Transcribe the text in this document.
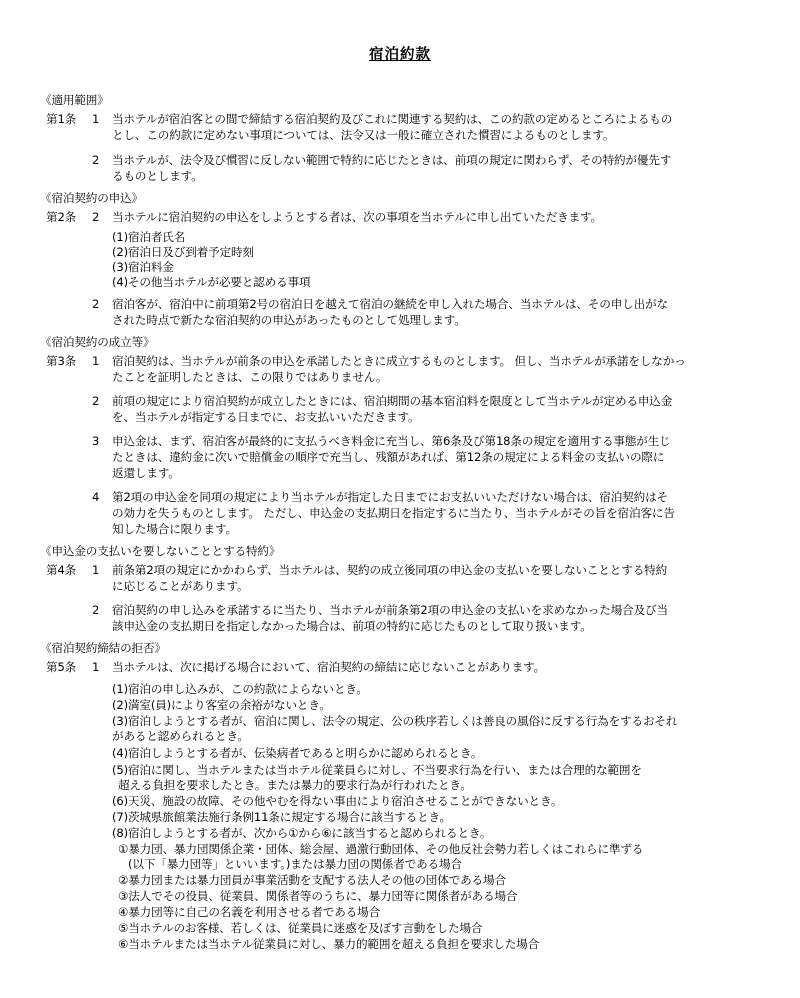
宿泊約款
《適用範囲》
第1条 1 当ホテルが宿泊客との間で締結する宿泊契約及びこれに関連する契約は、この約款の定めるところによるもの
とし、この約款に定めない事項については、法令又は一般に確立された慣習によるものとします。
2 当ホテルが、法令及び慣習に反しない範囲で特約に応じたときは、前項の規定に関わらず、その特約が優先す
るものとします。
《宿泊契約の申込》
第2条 2 当ホテルに宿泊契約の申込をしようとする者は、次の事項を当ホテルに申し出ていただきます。
(1)宿泊者氏名
(2)宿泊日及び到着予定時刻
(3)宿泊料金
(4)その他当ホテルが必要と認める事項
2 宿泊客が、宿泊中に前項第2号の宿泊日を越えて宿泊の継続を申し入れた場合、当ホテルは、その申し出がな
された時点で新たな宿泊契約の申込があったものとして処理します。
《宿泊契約の成立等》
第3条 1 宿泊契約は、当ホテルが前条の申込を承諾したときに成立するものとします。 但し、当ホテルが承諾をしなかっ
たことを証明したときは、この限りではありません。
2 前項の規定により宿泊契約が成立したときには、宿泊期間の基本宿泊料を限度として当ホテルが定める申込金
を、当ホテルが指定する日までに、お支払いいただきます。
3 申込金は、まず、宿泊客が最終的に支払うべき料金に充当し、第6条及び第18条の規定を適用する事態が生じ
たときは、違約金に次いで賠償金の順序で充当し、残額があれば、第12条の規定による料金の支払いの際に
返還します。
4 第2項の申込金を同項の規定により当ホテルが指定した日までにお支払いいただけない場合は、宿泊契約はそ
の効力を失うものとします。 ただし、申込金の支払期日を指定するに当たり、当ホテルがその旨を宿泊客に告
知した場合に限ります。
《申込金の支払いを要しないこととする特約》
第4条 1 前条第2項の規定にかかわらず、当ホテルは、契約の成立後同項の申込金の支払いを要しないこととする特約
に応じることがあります。
2 宿泊契約の申し込みを承諾するに当たり、当ホテルが前条第2項の申込金の支払いを求めなかった場合及び当
該申込金の支払期日を指定しなかった場合は、前項の特約に応じたものとして取り扱います。
《宿泊契約締結の拒否》
第5条 1 当ホテルは、次に掲げる場合において、宿泊契約の締結に応じないことがあります。
(1)宿泊の申し込みが、この約款によらないとき。
(2)満室(員)により客室の余裕がないとき。
(3)宿泊しようとする者が、宿泊に関し、法令の規定、公の秩序若しくは善良の風俗に反する行為をするおそれ
があると認められるとき。
(4)宿泊しようとする者が、伝染病者であると明らかに認められるとき。
(5)宿泊に関し、当ホテルまたは当ホテル従業員らに対し、不当要求行為を行い、または合理的な範囲を
超える負担を要求したとき。または暴力的要求行為が行われたとき。
(6)天災、施設の故障、その他やむを得ない事由により宿泊させることができないとき。
(7)茨城県旅館業法施行条例11条に規定する場合に該当するとき。
(8)宿泊しようとする者が、次から①から⑥に該当すると認められるとき。
①暴力団、暴力団関係企業・団体、総会屋、過激行動団体、その他反社会勢力若しくはこれらに準ずる
(以下「暴力団等」といいます。)または暴力団の関係者である場合
②暴力団または暴力団員が事業活動を支配する法人その他の団体である場合
③法人でその役員、従業員、関係者等のうちに、暴力団等に関係者がある場合
④暴力団等に自己の名義を利用させる者である場合
⑤当ホテルのお客様、若しくは、従業員に迷惑を及ぼす言動をした場合
⑥当ホテルまたは当ホテル従業員に対し、暴力的範囲を超える負担を要求した場合
